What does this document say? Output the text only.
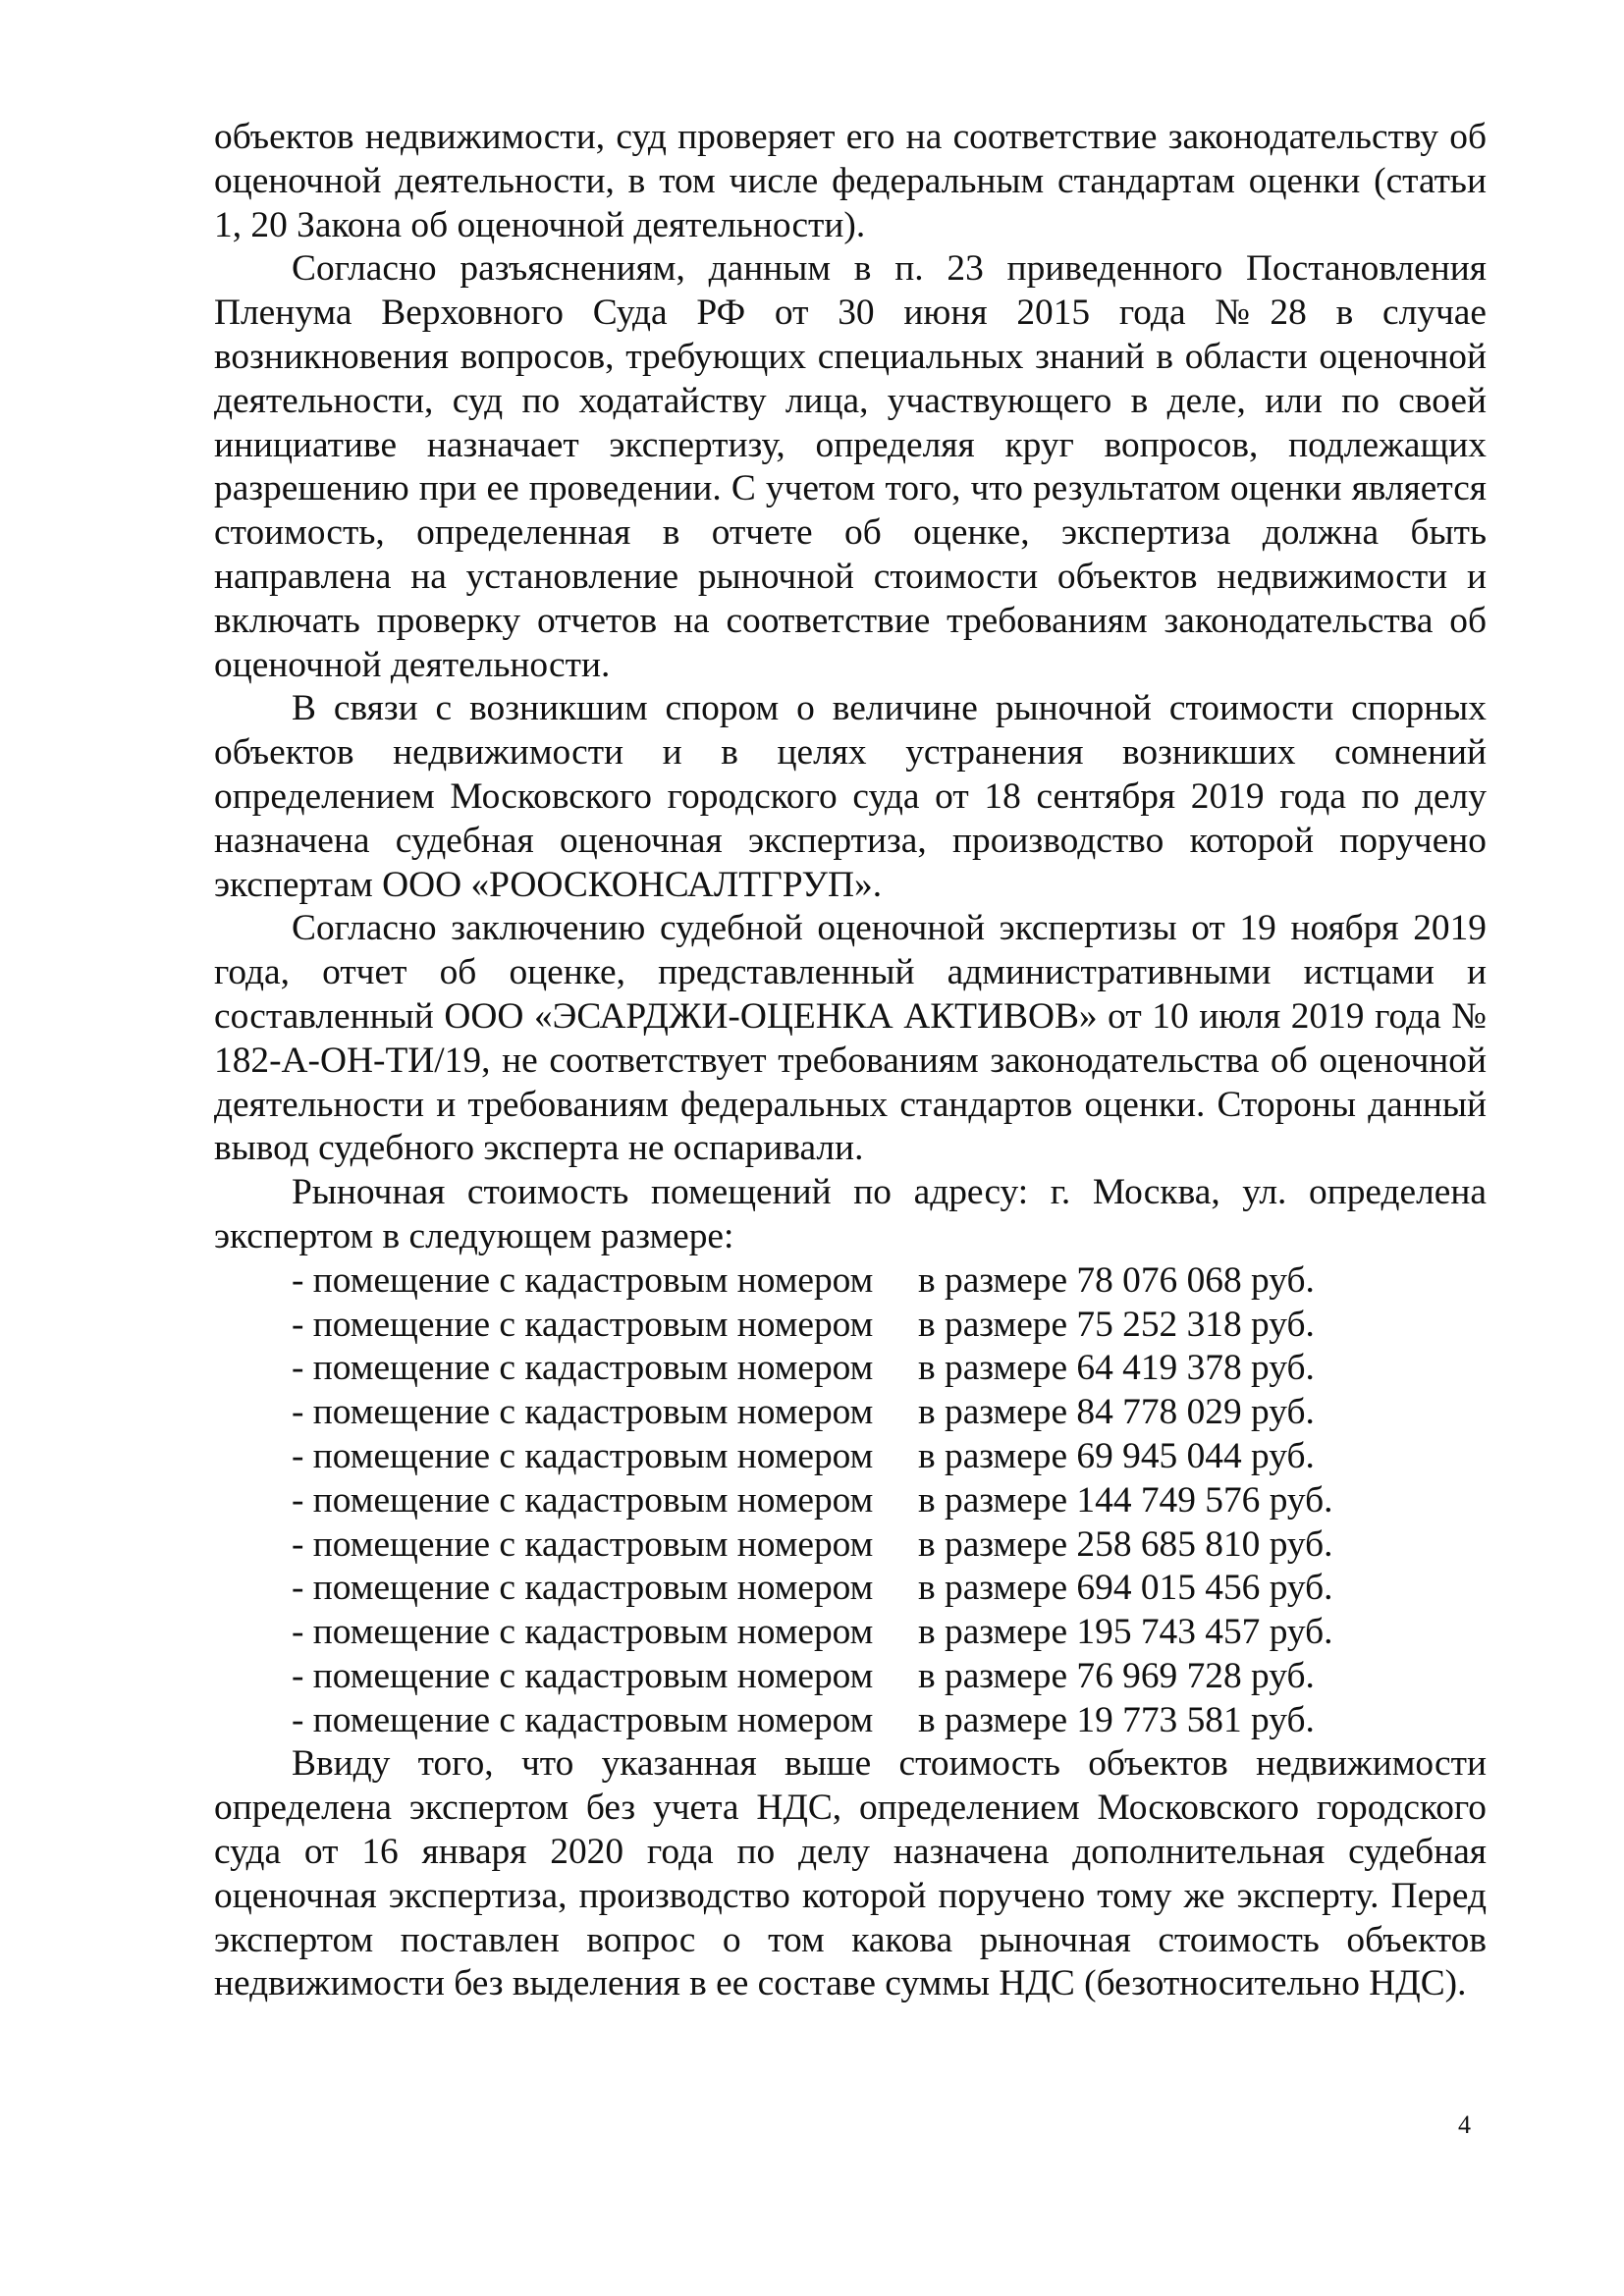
объектов недвижимости, суд проверяет его на соответствие законодательству об оценочной деятельности, в том числе федеральным стандартам оценки (статьи 1, 20 Закона об оценочной деятельности).

Согласно разъяснениям, данным в п. 23 приведенного Постановления Пленума Верховного Суда РФ от 30 июня 2015 года №28 в случае возникновения вопросов, требующих специальных знаний в области оценочной деятельности, суд по ходатайству лица, участвующего в деле, или по своей инициативе назначает экспертизу, определяя круг вопросов, подлежащих разрешению при ее проведении. С учетом того, что результатом оценки является стоимость, определенная в отчете об оценке, экспертиза должна быть направлена на установление рыночной стоимости объектов недвижимости и включать проверку отчетов на соответствие требованиям законодательства об оценочной деятельности.

В связи с возникшим спором о величине рыночной стоимости спорных объектов недвижимости и в целях устранения возникших сомнений определением Московского городского суда от 18 сентября 2019 года по делу назначена судебная оценочная экспертиза, производство которой поручено экспертам ООО «РООСКОНСАЛТГРУП».

Согласно заключению судебной оценочной экспертизы от 19 ноября 2019 года, отчет об оценке, представленный административными истцами и составленный ООО «ЭСАРДЖИ-ОЦЕНКА АКТИВОВ» от 10 июля 2019 года № 182-А-ОН-ТИ/19, не соответствует требованиям законодательства об оценочной деятельности и требованиям федеральных стандартов оценки. Стороны данный вывод судебного эксперта не оспаривали.

Рыночная стоимость помещений по адресу: г. Москва, ул. определена экспертом в следующем размере:

- помещение с кадастровым номером в размере 78 076 068 руб.
- помещение с кадастровым номером в размере 75 252 318 руб.
- помещение с кадастровым номером в размере 64 419 378 руб.
- помещение с кадастровым номером в размере 84 778 029 руб.
- помещение с кадастровым номером в размере 69 945 044 руб.
- помещение с кадастровым номером в размере 144 749 576 руб.
- помещение с кадастровым номером в размере 258 685 810 руб.
- помещение с кадастровым номером в размере 694 015 456 руб.
- помещение с кадастровым номером в размере 195 743 457 руб.
- помещение с кадастровым номером в размере 76 969 728 руб.
- помещение с кадастровым номером в размере 19 773 581 руб.

Ввиду того, что указанная выше стоимость объектов недвижимости определена экспертом без учета НДС, определением Московского городского суда от 16 января 2020 года по делу назначена дополнительная судебная оценочная экспертиза, производство которой поручено тому же эксперту. Перед экспертом поставлен вопрос о том какова рыночная стоимость объектов недвижимости без выделения в ее составе суммы НДС (безотносительно НДС).

4
